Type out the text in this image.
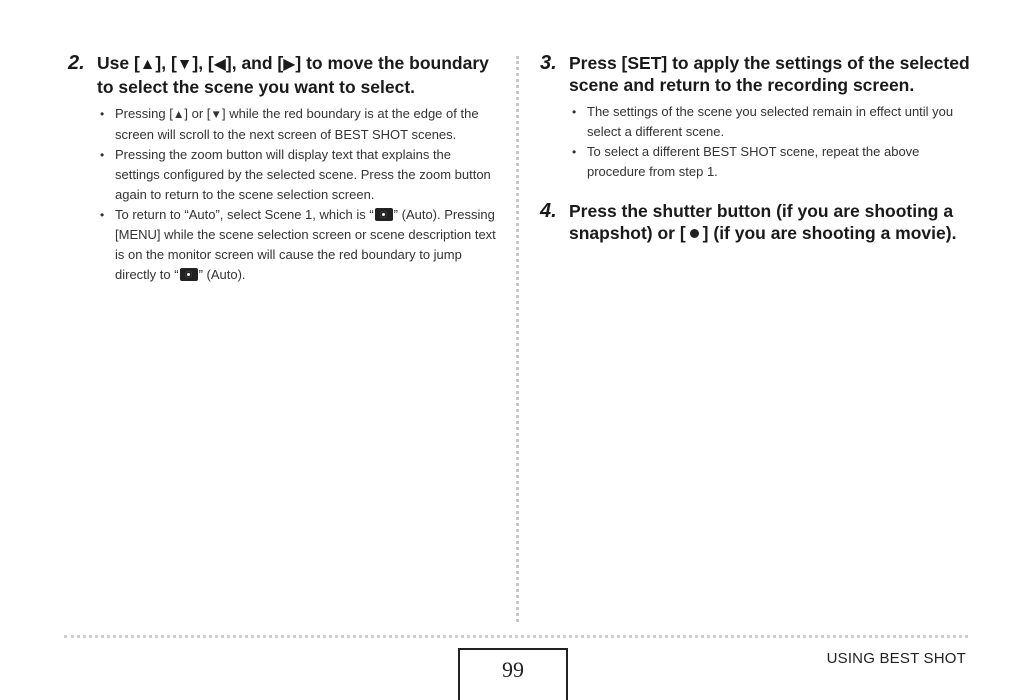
2. Use [▲], [▼], [◀], and [▶] to move the boundary to select the scene you want to select.

• Pressing [▲] or [▼] while the red boundary is at the edge of the screen will scroll to the next screen of BEST SHOT scenes.
• Pressing the zoom button will display text that explains the settings configured by the selected scene. Press the zoom button again to return to the scene selection screen.
• To return to “Auto”, select Scene 1, which is “ ” (Auto). Pressing [MENU] while the scene selection screen or scene description text is on the monitor screen will cause the red boundary to jump directly to “ ” (Auto).
3. Press [SET] to apply the settings of the selected scene and return to the recording screen.

• The settings of the scene you selected remain in effect until you select a different scene.
• To select a different BEST SHOT scene, repeat the above procedure from step 1.
4. Press the shutter button (if you are shooting a snapshot) or [ ] (if you are shooting a movie).

99	USING BEST SHOT
